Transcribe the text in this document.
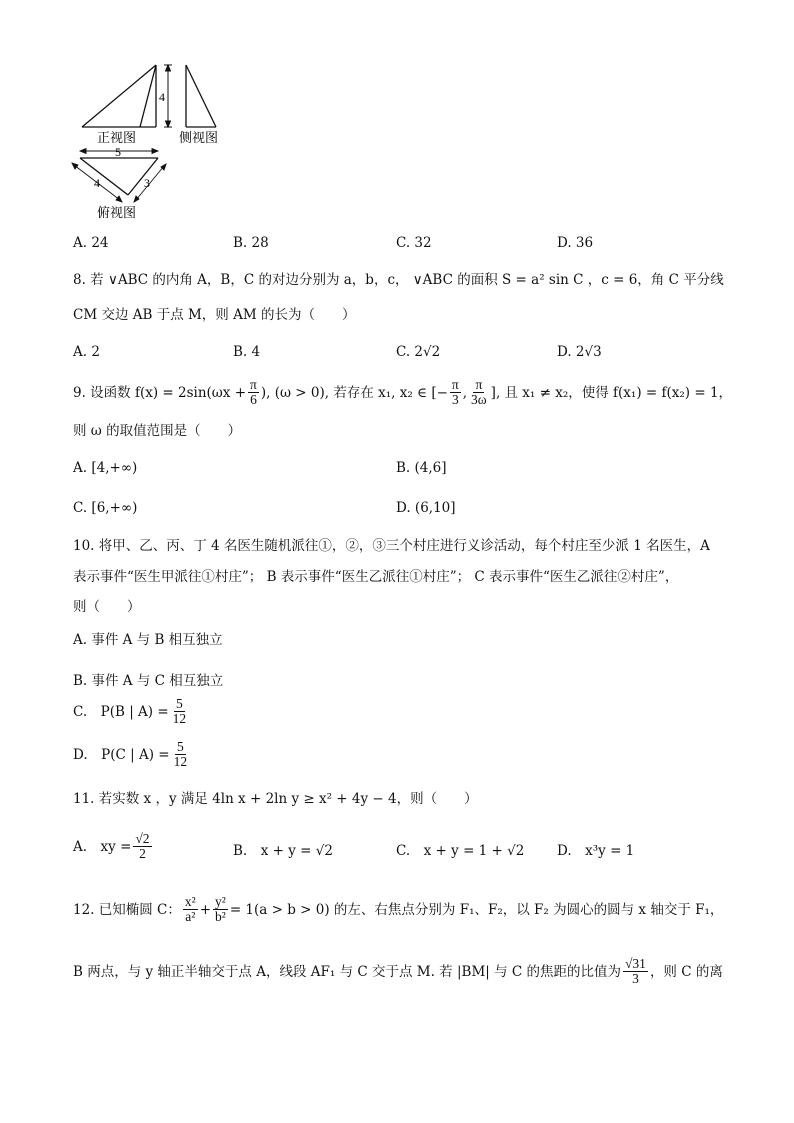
4
正视图	侧视图
5
4	3
俯视图
A. 24	B. 28	C. 32	D. 36
8. 若 ∨ABC 的内角 A，B，C 的对边分别为 a，b，c， ∨ABC 的面积 S = a² sin C ，c = 6，角 C 平分线
CM 交边 AB 于点 M，则 AM 的长为（　　）
A. 2	B. 4	C. 2√2	D. 2√3
9. 设函数 $f(x) = 2\sin(\omega x + \frac{\pi}{6}$ ), (ω > 0), 若存在 x₁, x₂ ∈ [− $\frac{\pi}{3}$ , $\frac{\pi}{3\omega}$ ], 且 x₁ ≠ x₂，使得 f(x₁) = f(x₂) = 1，
则 ω 的取值范围是（　　）
A. [4,+∞)	B. (4,6]
C. [6,+∞)	D. (6,10]
10. 将甲、乙、丙、丁 4 名医生随机派往①，②，③三个村庄进行义诊活动，每个村庄至少派 1 名医生，A
表示事件“医生甲派往①村庄”； B 表示事件“医生乙派往①村庄”； C 表示事件“医生乙派往②村庄”，
则（　　）
A. 事件 A 与 B 相互独立
B. 事件 A 与 C 相互独立
C.　P(B | $A) = \frac{5}{12}$
D.　P(C | $A) = \frac{5}{12}$
11. 若实数 x ，y 满足 4ln x + 2ln y ≥ x² + 4y − 4，则（　　）
A.　xy = $\frac{√2}{2}$	B.　x + y = √2	C.　x + y = 1 + √2 D.　x³y = 1
12. 已知椭圆 C： $\frac{\text{x²}}{\text{a²}} + \frac{\text{y²}}{\text{b²}} = 1(a > b > 0)$ 的左、右焦点分别为 F₁、F₂，以 F₂ 为圆心的圆与 x 轴交于 F₁，
B 两点，与 y 轴正半轴交于点 A，线段 AF₁ 与 C 交于点 M. 若 |BM| 与 C 的焦距的比值为 $\frac{√31}{3}$ ，则 C 的离
